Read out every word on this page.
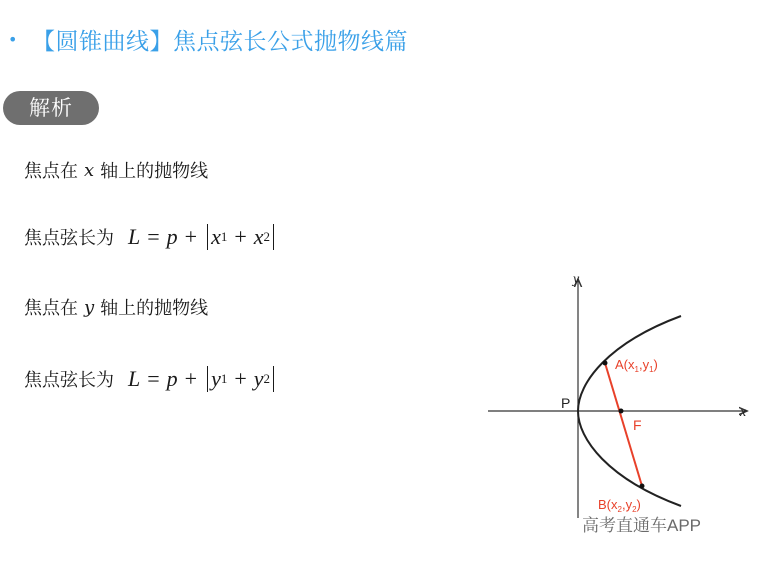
• 【圆锥曲线】焦点弦长公式抛物线篇
解析
焦点在 x 轴上的抛物线
焦点弦长为 L = p + x 1 + x 2
焦点在 y 轴上的抛物线
焦点弦长为 L = p + y 1 + y 2
x
y
P
F
$A(x_1,y_1)$
$B(x_2,y_2)$
高考直通车APP
